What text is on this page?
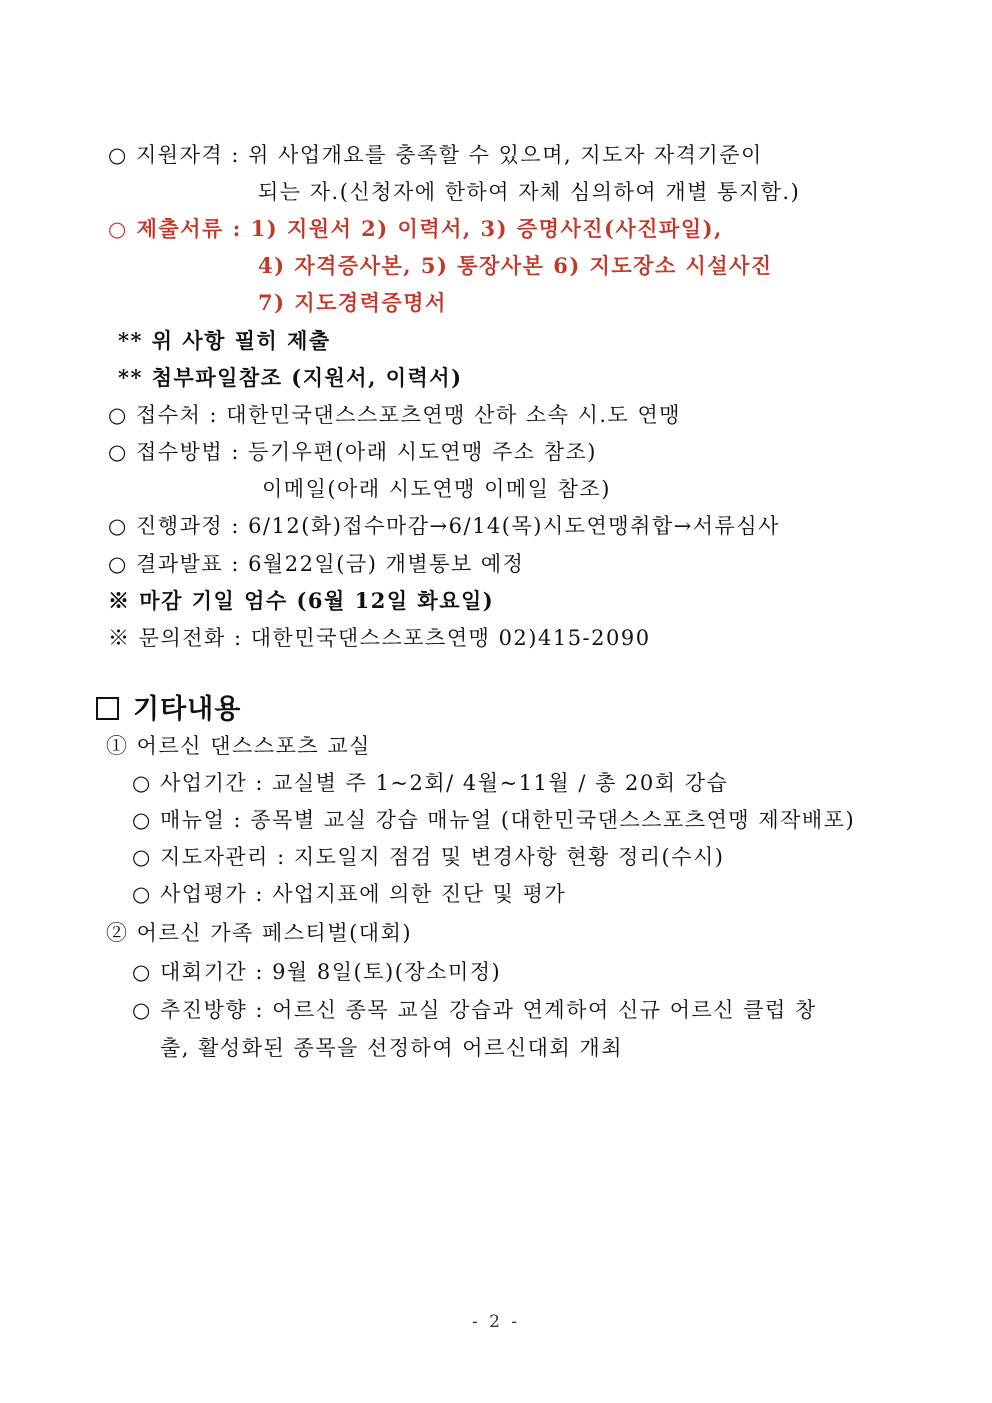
○ 지원자격 : 위 사업개요를 충족할 수 있으며, 지도자 자격기준이
되는 자.(신청자에 한하여 자체 심의하여 개별 통지함.)
○ 제출서류 : 1) 지원서 2) 이력서, 3) 증명사진(사진파일),
4) 자격증사본, 5) 통장사본 6) 지도장소 시설사진
7) 지도경력증명서
** 위 사항 필히 제출
** 첨부파일참조 (지원서, 이력서)
○ 접수처 : 대한민국댄스스포츠연맹 산하 소속 시.도 연맹
○ 접수방법 : 등기우편(아래 시도연맹 주소 참조)
이메일(아래 시도연맹 이메일 참조)
○ 진행과정 : 6/12(화)접수마감→6/14(목)시도연맹취합→서류심사
○ 결과발표 : 6월22일(금) 개별통보 예정
※ 마감 기일 엄수 (6월 12일 화요일)
※ 문의전화 : 대한민국댄스스포츠연맹 02)415-2090
기타내용
① 어르신 댄스스포츠 교실
○ 사업기간 : 교실별 주 1~2회/ 4월~11월 / 총 20회 강습
○ 매뉴얼 : 종목별 교실 강습 매뉴얼 (대한민국댄스스포츠연맹 제작배포)
○ 지도자관리 : 지도일지 점검 및 변경사항 현황 정리(수시)
○ 사업평가 : 사업지표에 의한 진단 및 평가
② 어르신 가족 페스티벌(대회)
○ 대회기간 : 9월 8일(토)(장소미정)
○ 추진방향 : 어르신 종목 교실 강습과 연계하여 신규 어르신 클럽 창
출, 활성화된 종목을 선정하여 어르신대회 개최
- 2 -
